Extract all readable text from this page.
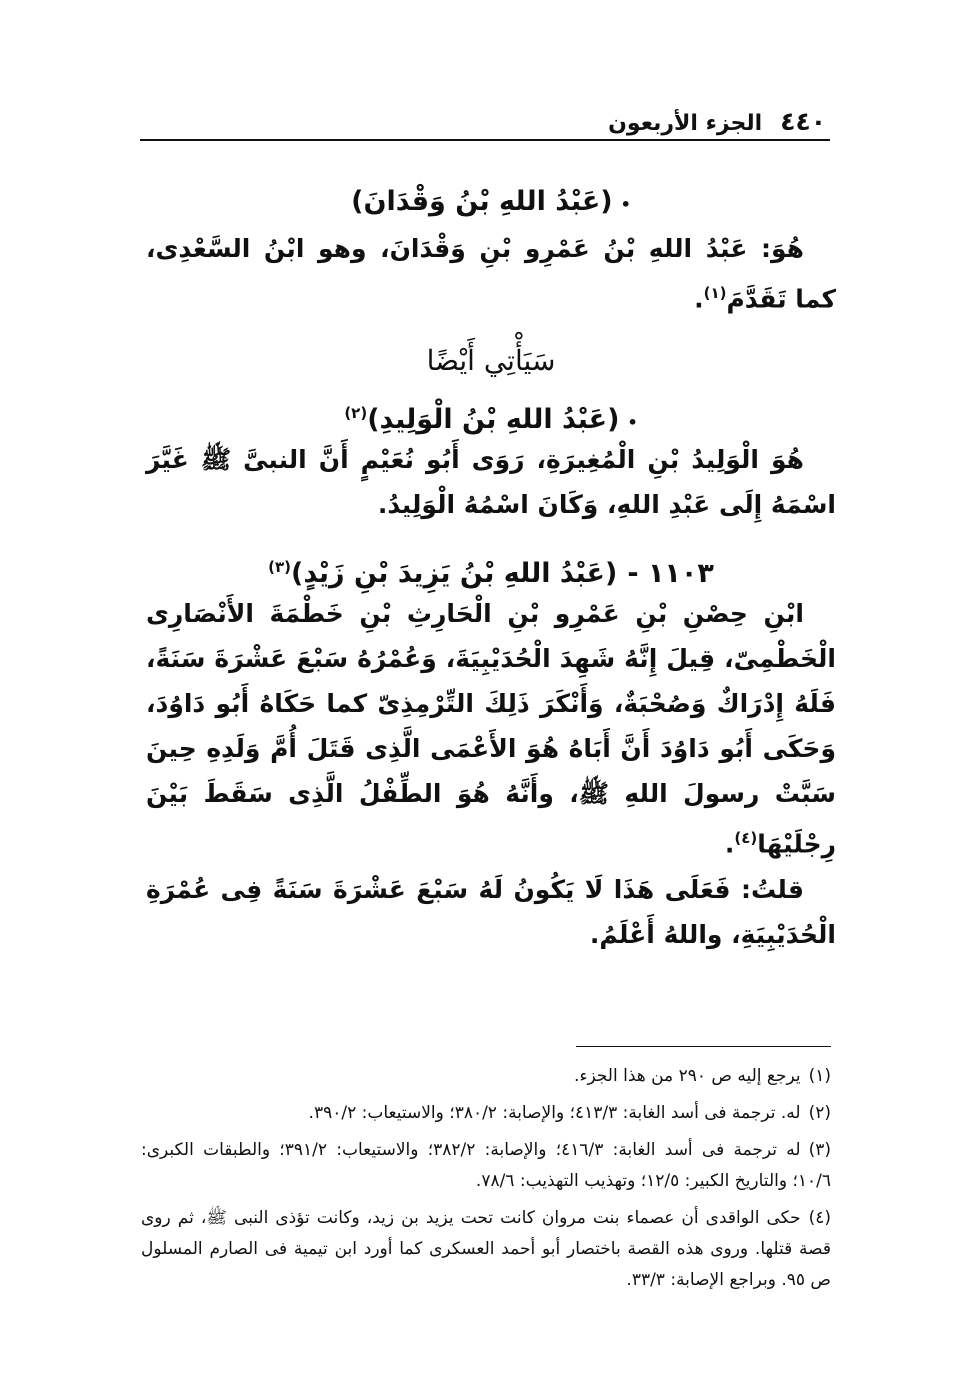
٤٤٠
الجزء الأربعون
•(عَبْدُ اللهِ بْنُ وَقْدَانَ)

هُوَ: عَبْدُ اللهِ بْنُ عَمْرِو بْنِ وَقْدَانَ، وهو ابْنُ السَّعْدِى، كما تَقَدَّمَ$^{(١)}$.

سَيَأْتِي أَيْضًا
•(عَبْدُ اللهِ بْنُ الْوَلِيدِ)$^{(٢)}$

هُوَ الْوَلِيدُ بْنِ الْمُغِيرَةِ، رَوَى أَبُو نُعَيْمٍ أَنَّ النبىَّ ﷺ غَيَّرَ اسْمَهُ إِلَى عَبْدِ اللهِ، وَكَانَ اسْمُهُ الْوَلِيدُ.

١١٠٣ -(عَبْدُ اللهِ بْنُ يَزِيدَ بْنِ زَيْدٍ)$^{(٣)}$

ابْنِ حِصْنِ بْنِ عَمْرِو بْنِ الْحَارِثِ بْنِ خَطْمَةَ الأَنْصَارِى الْخَطْمِىّ، قِيلَ إِنَّهُ شَهِدَ الْحُدَيْبِيَةَ، وَعُمْرُهُ سَبْعَ عَشْرَةَ سَنَةً، فَلَهُ إِدْرَاكٌ وَصُحْبَةٌ، وَأَنْكَرَ ذَلِكَ التِّرْمِذِىّ كما حَكَاهُ أَبُو دَاوُدَ، وَحَكَى أَبُو دَاوُدَ أَنَّ أَبَاهُ هُوَ الأَعْمَى الَّذِى قَتَلَ أُمَّ وَلَدِهِ حِينَ سَبَّتْ رسولَ اللهِ ﷺ، وأَنَّهُ هُوَ الطِّفْلُ الَّذِى سَقَطَ بَيْنَ رِجْلَيْهَا$^{(٤)}$.

قلتُ: فَعَلَى هَذَا لَا يَكُونُ لَهُ سَبْعَ عَشْرَةَ سَنَةً فِى عُمْرَةِ الْحُدَيْبِيَةِ، واللهُ أَعْلَمُ.

(١)يرجع إليه ص ٢٩٠ من هذا الجزء.

(٢)له. ترجمة فى أسد الغابة: ٤١٣/٣؛ والإصابة: ٣٨٠/٢؛ والاستيعاب: ٣٩٠/٢.

(٣)له ترجمة فى أسد الغابة: ٤١٦/٣؛ والإصابة: ٣٨٢/٢؛ والاستيعاب: ٣٩١/٢؛ والطبقات الكبرى: ١٠/٦؛ والتاريخ الكبير: ١٢/٥؛ وتهذيب التهذيب: ٧٨/٦.

(٤)حكى الواقدى أن عصماء بنت مروان كانت تحت يزيد بن زيد، وكانت تؤذى النبى ﷺ، ثم روى قصة قتلها. وروى هذه القصة باختصار أبو أحمد العسكرى كما أورد ابن تيمية فى الصارم المسلول ص ٩٥. وبراجع الإصابة: ٣٣/٣.
